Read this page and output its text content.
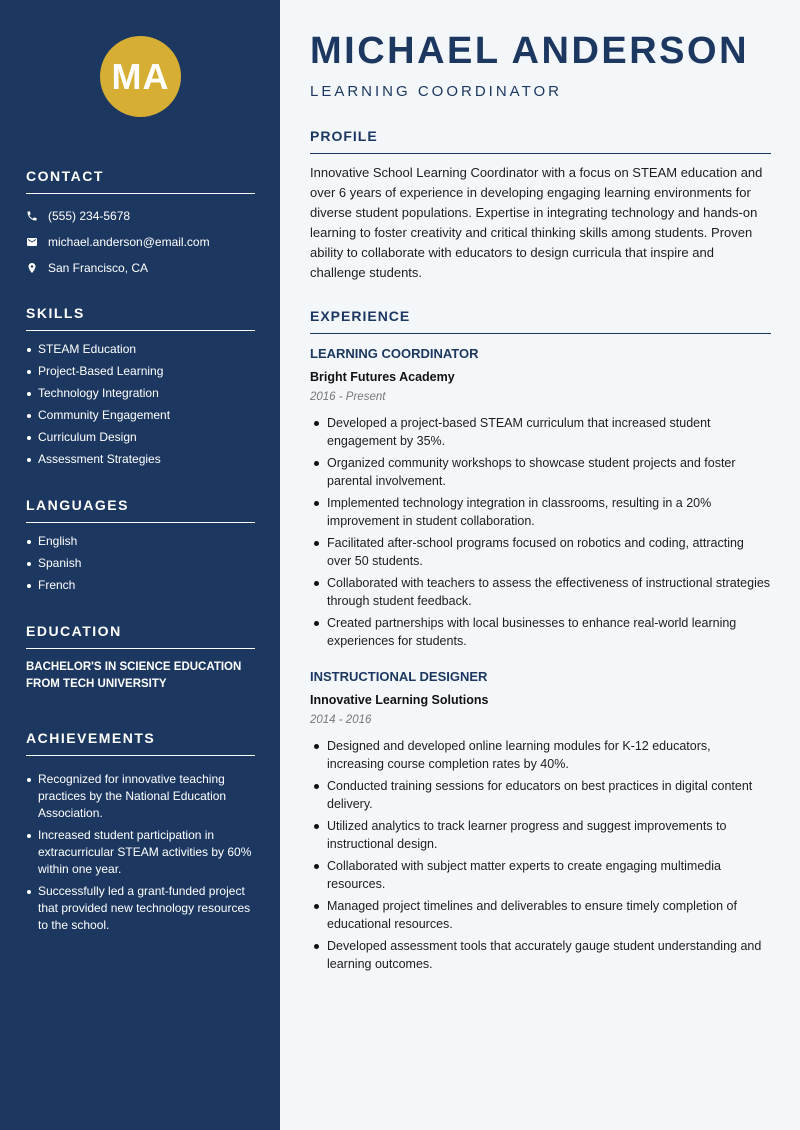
MA
CONTACT
(555) 234-5678
michael.anderson@email.com
San Francisco, CA
SKILLS
STEAM Education
Project-Based Learning
Technology Integration
Community Engagement
Curriculum Design
Assessment Strategies
LANGUAGES
English
Spanish
French
EDUCATION
BACHELOR'S IN SCIENCE EDUCATION FROM TECH UNIVERSITY
ACHIEVEMENTS
Recognized for innovative teaching practices by the National Education Association.
Increased student participation in extracurricular STEAM activities by 60% within one year.
Successfully led a grant-funded project that provided new technology resources to the school.
MICHAEL ANDERSON
LEARNING COORDINATOR
PROFILE

Innovative School Learning Coordinator with a focus on STEAM education and over 6 years of experience in developing engaging learning environments for diverse student populations. Expertise in integrating technology and hands-on learning to foster creativity and critical thinking skills among students. Proven ability to collaborate with educators to design curricula that inspire and challenge students.

EXPERIENCE
LEARNING COORDINATOR
Bright Futures Academy
2016 - Present
Developed a project-based STEAM curriculum that increased student engagement by 35%.
Organized community workshops to showcase student projects and foster parental involvement.
Implemented technology integration in classrooms, resulting in a 20% improvement in student collaboration.
Facilitated after-school programs focused on robotics and coding, attracting over 50 students.
Collaborated with teachers to assess the effectiveness of instructional strategies through student feedback.
Created partnerships with local businesses to enhance real-world learning experiences for students.
INSTRUCTIONAL DESIGNER
Innovative Learning Solutions
2014 - 2016
Designed and developed online learning modules for K-12 educators, increasing course completion rates by 40%.
Conducted training sessions for educators on best practices in digital content delivery.
Utilized analytics to track learner progress and suggest improvements to instructional design.
Collaborated with subject matter experts to create engaging multimedia resources.
Managed project timelines and deliverables to ensure timely completion of educational resources.
Developed assessment tools that accurately gauge student understanding and learning outcomes.
